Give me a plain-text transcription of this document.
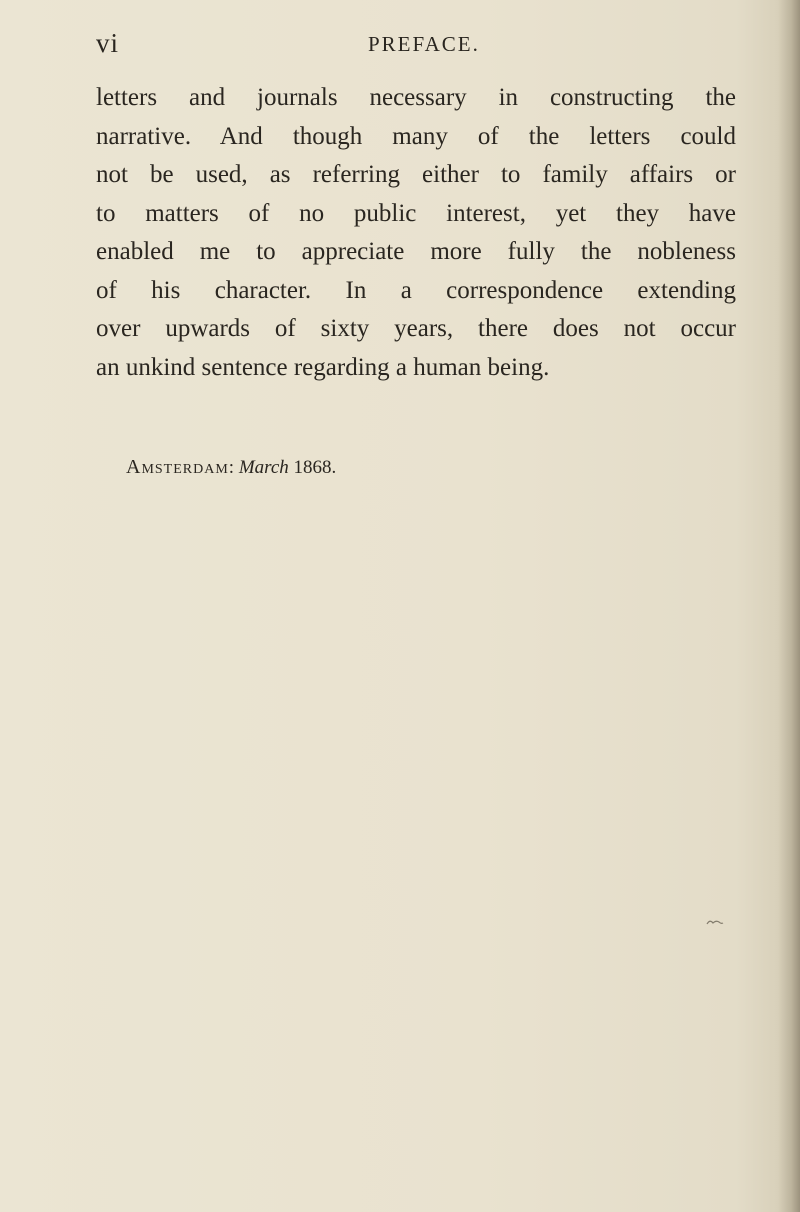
vi	PREFACE.
letters and journals necessary in constructing the
narrative. And though many of the letters could
not be used, as referring either to family affairs or
to matters of no public interest, yet they have
enabled me to appreciate more fully the nobleness
of his character. In a correspondence extending
over upwards of sixty years, there does not occur
an unkind sentence regarding a human being.
Amsterdam: March 1868.
